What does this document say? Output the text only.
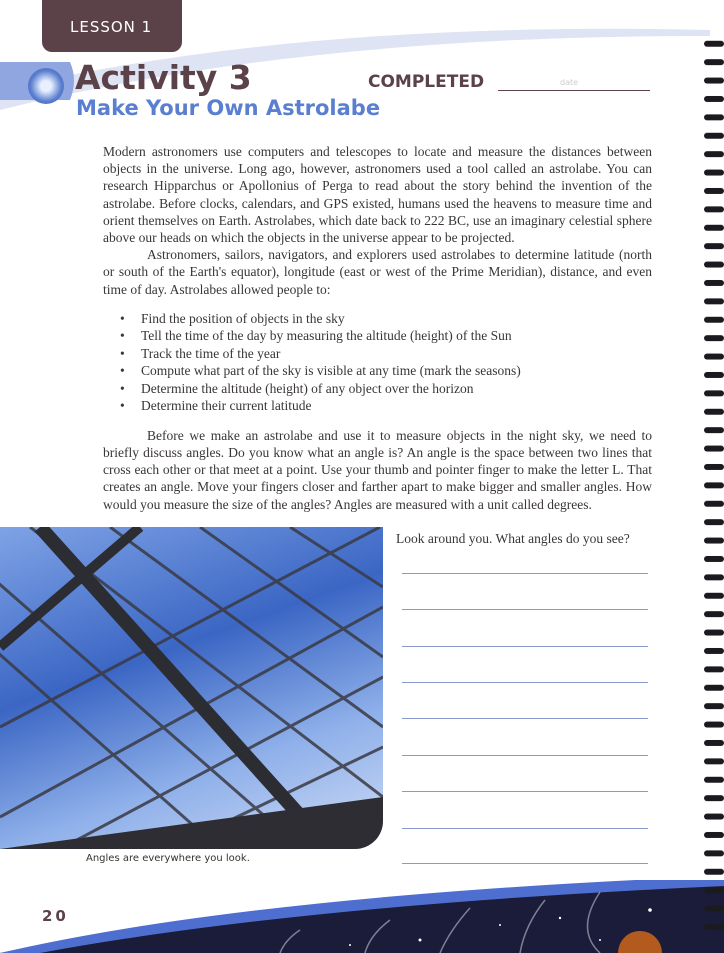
LESSON 1
Activity 3
Make Your Own Astrolabe
COMPLETED	date
Modern astronomers use computers and telescopes to locate and measure the distances between objects in the universe. Long ago, however, astronomers used a tool called an astrolabe. You can research Hipparchus or Apollonius of Perga to read about the story behind the invention of the astrolabe. Before clocks, calendars, and GPS existed, humans used the heavens to measure time and orient themselves on Earth. Astrolabes, which date back to 222 BC, use an imaginary celestial sphere above our heads on which the objects in the universe appear to be projected.
Astronomers, sailors, navigators, and explorers used astrolabes to determine latitude (north or south of the Earth's equator), longitude (east or west of the Prime Meridian), distance, and even time of day. Astrolabes allowed people to:
• Find the position of objects in the sky
• Tell the time of the day by measuring the altitude (height) of the Sun
• Track the time of the year
• Compute what part of the sky is visible at any time (mark the seasons)
• Determine the altitude (height) of any object over the horizon
• Determine their current latitude
Before we make an astrolabe and use it to measure objects in the night sky, we need to briefly discuss angles. Do you know what an angle is? An angle is the space between two lines that cross each other or that meet at a point. Use your thumb and pointer finger to make the letter L. That creates an angle. Move your fingers closer and farther apart to make bigger and smaller angles. How would you measure the size of the angles? Angles are measured with a unit called degrees.
Angles are everywhere you look.
Look around you. What angles do you see?
20
